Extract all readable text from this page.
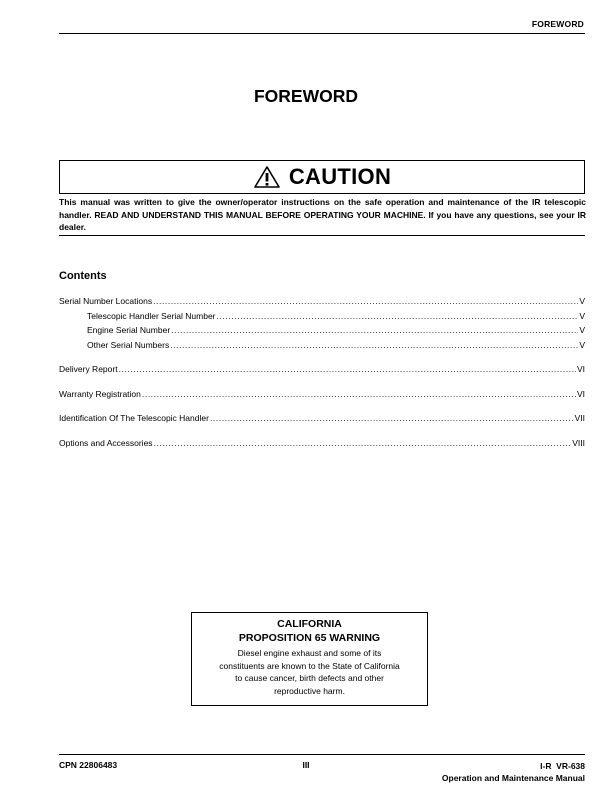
FOREWORD
FOREWORD
CAUTION
This manual was written to give the owner/operator instructions on the safe operation and maintenance of the IR telescopic handler. READ AND UNDERSTAND THIS MANUAL BEFORE OPERATING YOUR MACHINE. If you have any questions, see your IR dealer.
Contents
Serial Number Locations .....	V
Telescopic Handler Serial Number .....	V
Engine Serial Number .....	V
Other Serial Numbers .....	V
Delivery Report .....	VI
Warranty Registration .....	VI
Identification Of The Telescopic Handler .....	VII
Options and Accessories .....	VIII
CALIFORNIA
PROPOSITION 65 WARNING
Diesel engine exhaust and some of its
constituents are known to the State of California
to cause cancer, birth defects and other
reproductive harm.
CPN 22806483	III	I-R  VR-638
Operation and Maintenance Manual
